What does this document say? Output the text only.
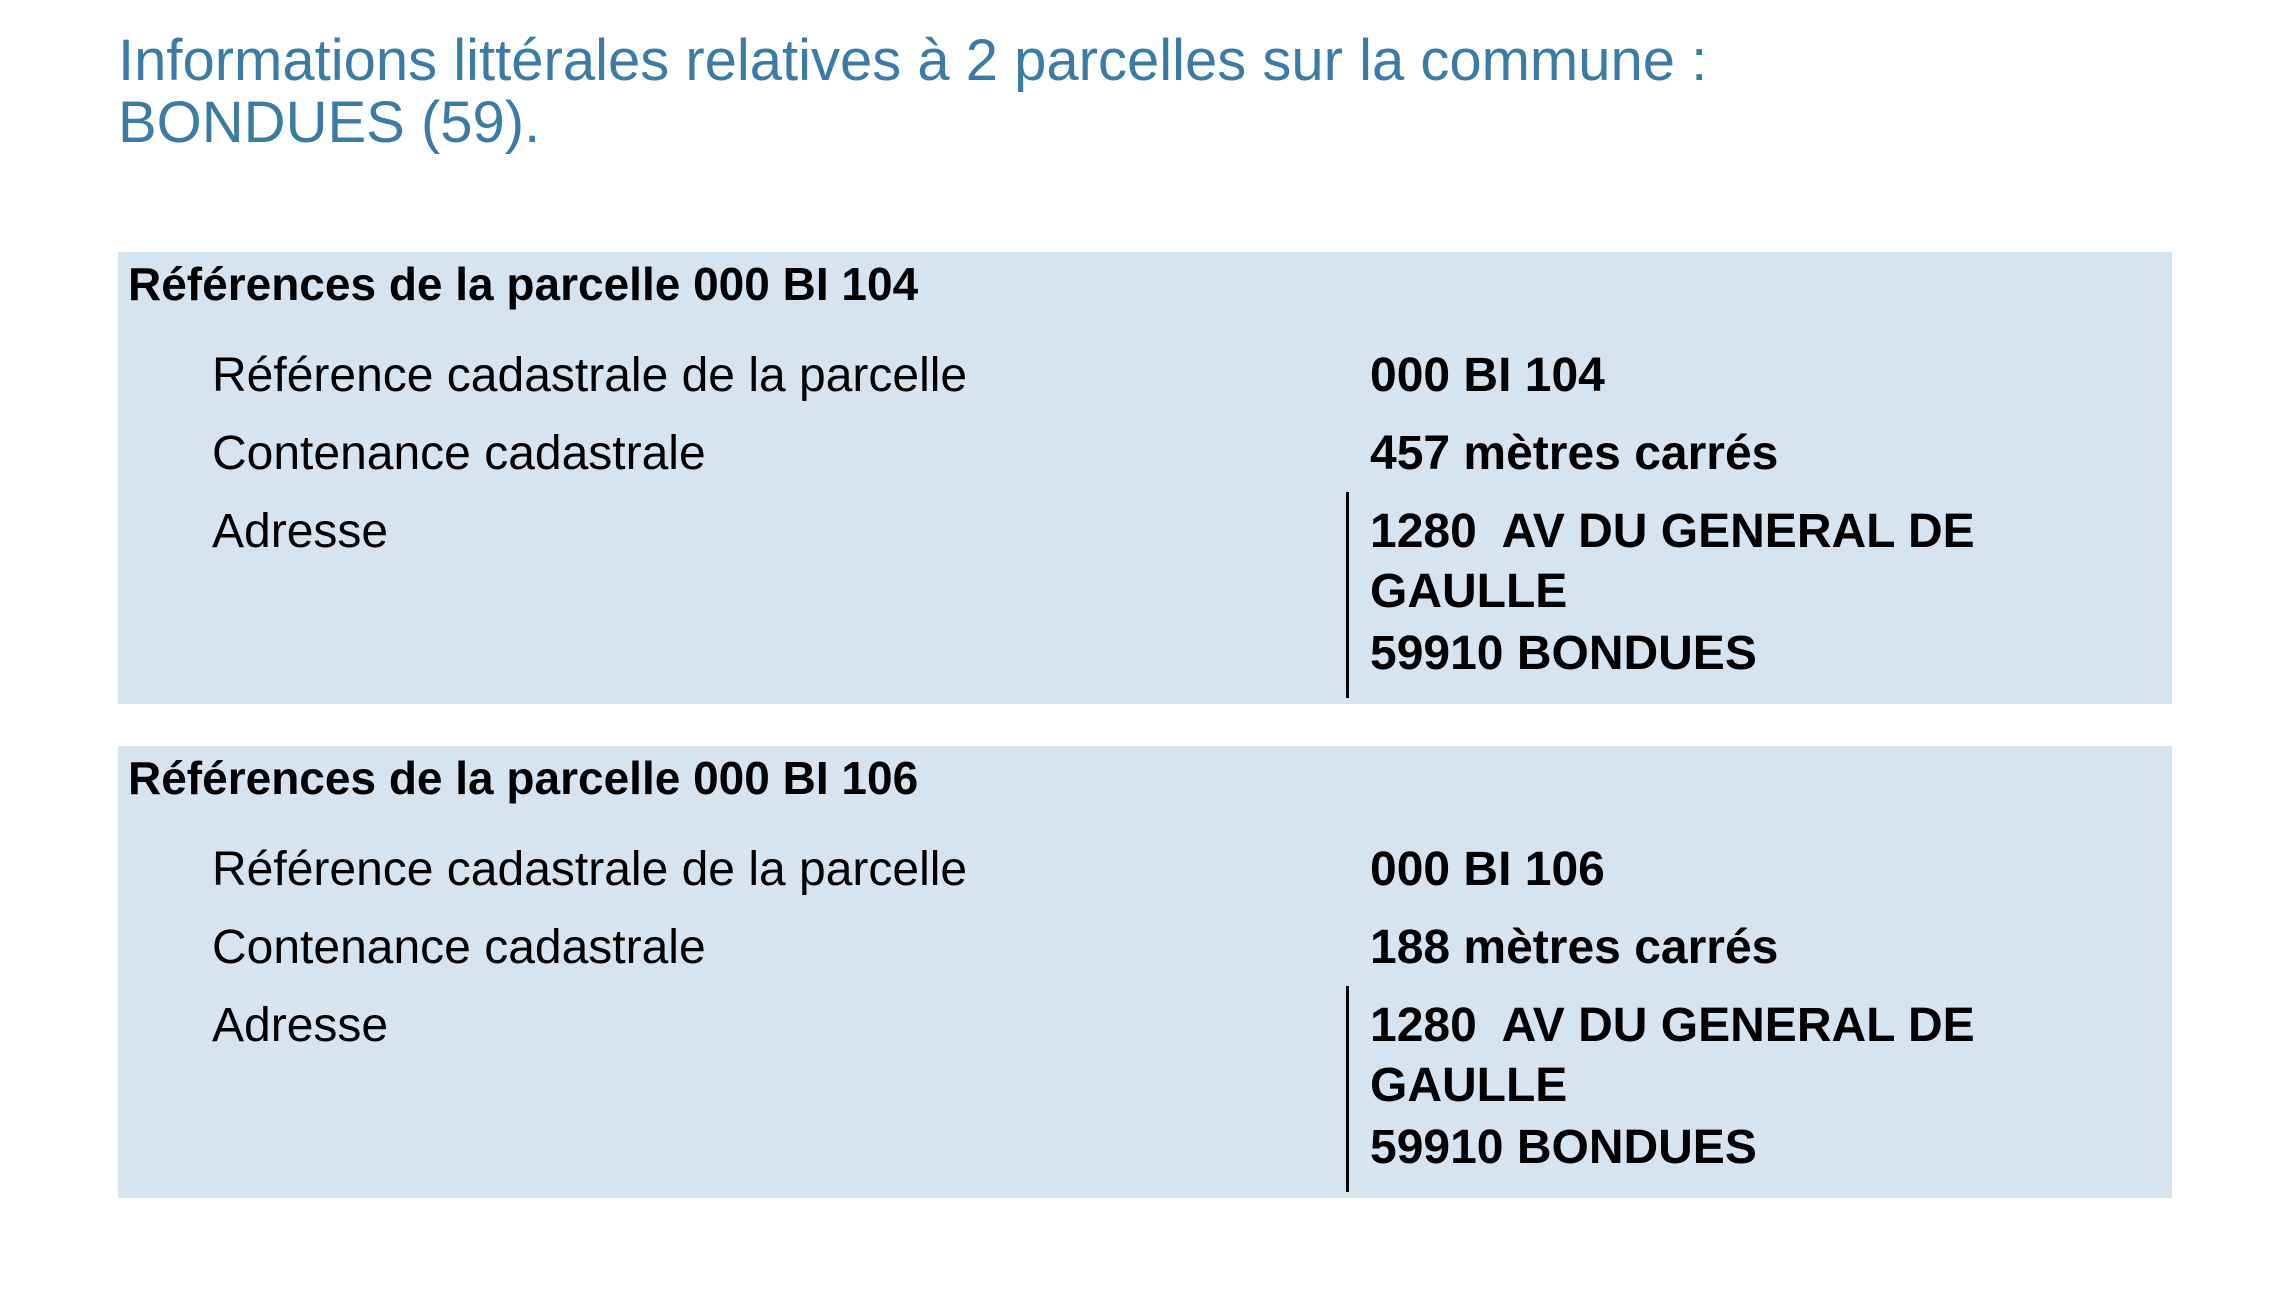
Informations littérales relatives à 2 parcelles sur la commune :
BONDUES (59).
Références de la parcelle 000 BI 104
Référence cadastrale de la parcelle	000 BI 104
Contenance cadastrale	457 mètres carrés
Adresse	1280  AV DU GENERAL DE
GAULLE
59910 BONDUES
Références de la parcelle 000 BI 106
Référence cadastrale de la parcelle	000 BI 106
Contenance cadastrale	188 mètres carrés
Adresse	1280  AV DU GENERAL DE
GAULLE
59910 BONDUES
